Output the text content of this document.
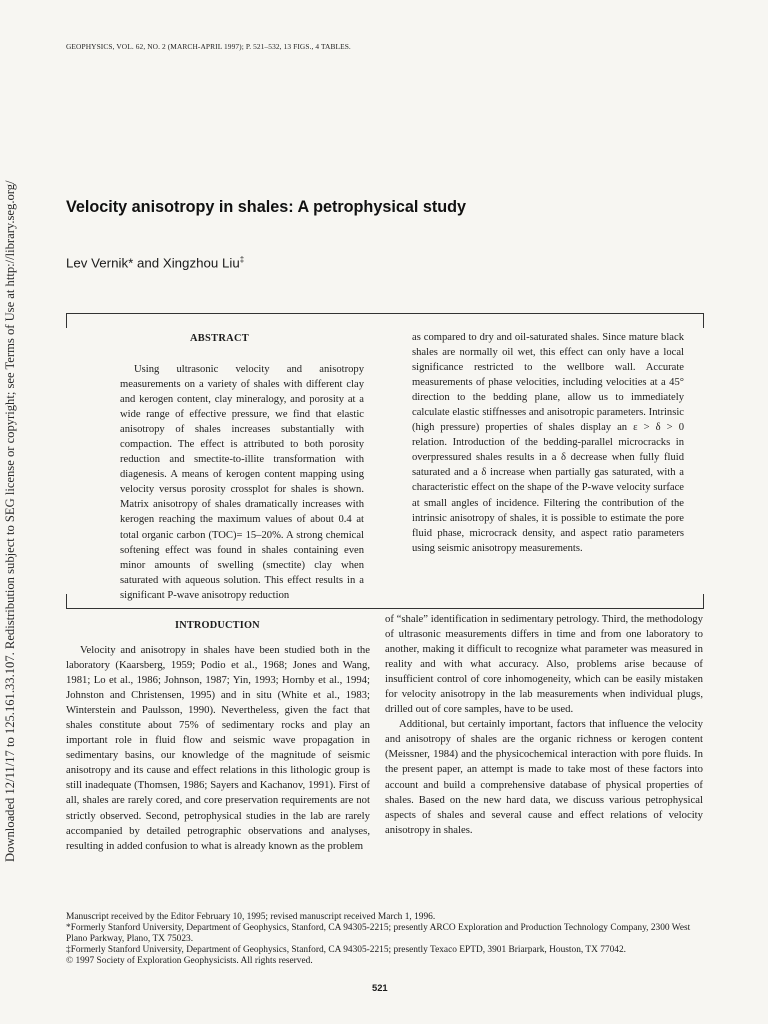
GEOPHYSICS, VOL. 62, NO. 2 (MARCH-APRIL 1997); P. 521–532, 13 FIGS., 4 TABLES.
Downloaded 12/11/17 to 125.161.33.107. Redistribution subject to SEG license or copyright; see Terms of Use at http://library.seg.org/	Velocity anisotropy in shales: A petrophysical study
Lev Vernik* and Xingzhou Liu‡
ABSTRACT
Using ultrasonic velocity and anisotropy measurements on a variety of shales with different clay and kerogen content, clay mineralogy, and porosity at a wide range of effective pressure, we find that elastic anisotropy of shales increases substantially with compaction. The effect is attributed to both porosity reduction and smectite-to-illite transformation with diagenesis. A means of kerogen content mapping using velocity versus porosity crossplot for shales is shown. Matrix anisotropy of shales dramatically increases with kerogen reaching the maximum values of about 0.4 at total organic carbon (TOC)= 15–20%. A strong chemical softening effect was found in shales containing even minor amounts of swelling (smectite) clay when saturated with aqueous solution. This effect results in a significant P-wave anisotropy reduction
as compared to dry and oil-saturated shales. Since mature black shales are normally oil wet, this effect can only have a local significance restricted to the wellbore wall. Accurate measurements of phase velocities, including velocities at a 45° direction to the bedding plane, allow us to immediately calculate elastic stiffnesses and anisotropic parameters. Intrinsic (high pressure) properties of shales display an ε > δ > 0 relation. Introduction of the bedding-parallel microcracks in overpressured shales results in a δ decrease when fully fluid saturated and a δ increase when partially gas saturated, with a characteristic effect on the shape of the P-wave velocity surface at small angles of incidence. Filtering the contribution of the intrinsic anisotropy of shales, it is possible to estimate the pore fluid phase, microcrack density, and aspect ratio parameters using seismic anisotropy measurements.
INTRODUCTION

Velocity and anisotropy in shales have been studied both in the laboratory (Kaarsberg, 1959; Podio et al., 1968; Jones and Wang, 1981; Lo et al., 1986; Johnson, 1987; Yin, 1993; Hornby et al., 1994; Johnston and Christensen, 1995) and in situ (White et al., 1983; Winterstein and Paulsson, 1990). Nevertheless, given the fact that shales constitute about 75% of sedimentary rocks and play an important role in fluid flow and seismic wave propagation in sedimentary basins, our knowledge of the magnitude of seismic anisotropy and its cause and effect relations in this lithologic group is still inadequate (Thomsen, 1986; Sayers and Kachanov, 1991). First of all, shales are rarely cored, and core preservation requirements are not strictly observed. Second, petrophysical studies in the lab are rarely accompanied by detailed petrographic observations and analyses, resulting in added confusion to what is already known as the problem

of “shale” identification in sedimentary petrology. Third, the methodology of ultrasonic measurements differs in time and from one laboratory to another, making it difficult to recognize what parameter was measured in reality and with what accuracy. Also, problems arise because of insufficient control of core inhomogeneity, which can be easily mistaken for velocity anisotropy in the lab measurements when individual plugs, drilled out of core samples, have to be used.

Additional, but certainly important, factors that influence the velocity and anisotropy of shales are the organic richness or kerogen content (Meissner, 1984) and the physicochemical interaction with pore fluids. In the present paper, an attempt is made to take most of these factors into account and build a comprehensive database of physical properties of shales. Based on the new hard data, we discuss various petrophysical aspects of shales and several cause and effect relations of velocity anisotropy in shales.

Manuscript received by the Editor February 10, 1995; revised manuscript received March 1, 1996.
*Formerly Stanford University, Department of Geophysics, Stanford, CA 94305-2215; presently ARCO Exploration and Production Technology Company, 2300 West Plano Parkway, Plano, TX 75023.
‡Formerly Stanford University, Department of Geophysics, Stanford, CA 94305-2215; presently Texaco EPTD, 3901 Briarpark, Houston, TX 77042.
© 1997 Society of Exploration Geophysicists. All rights reserved.
521
